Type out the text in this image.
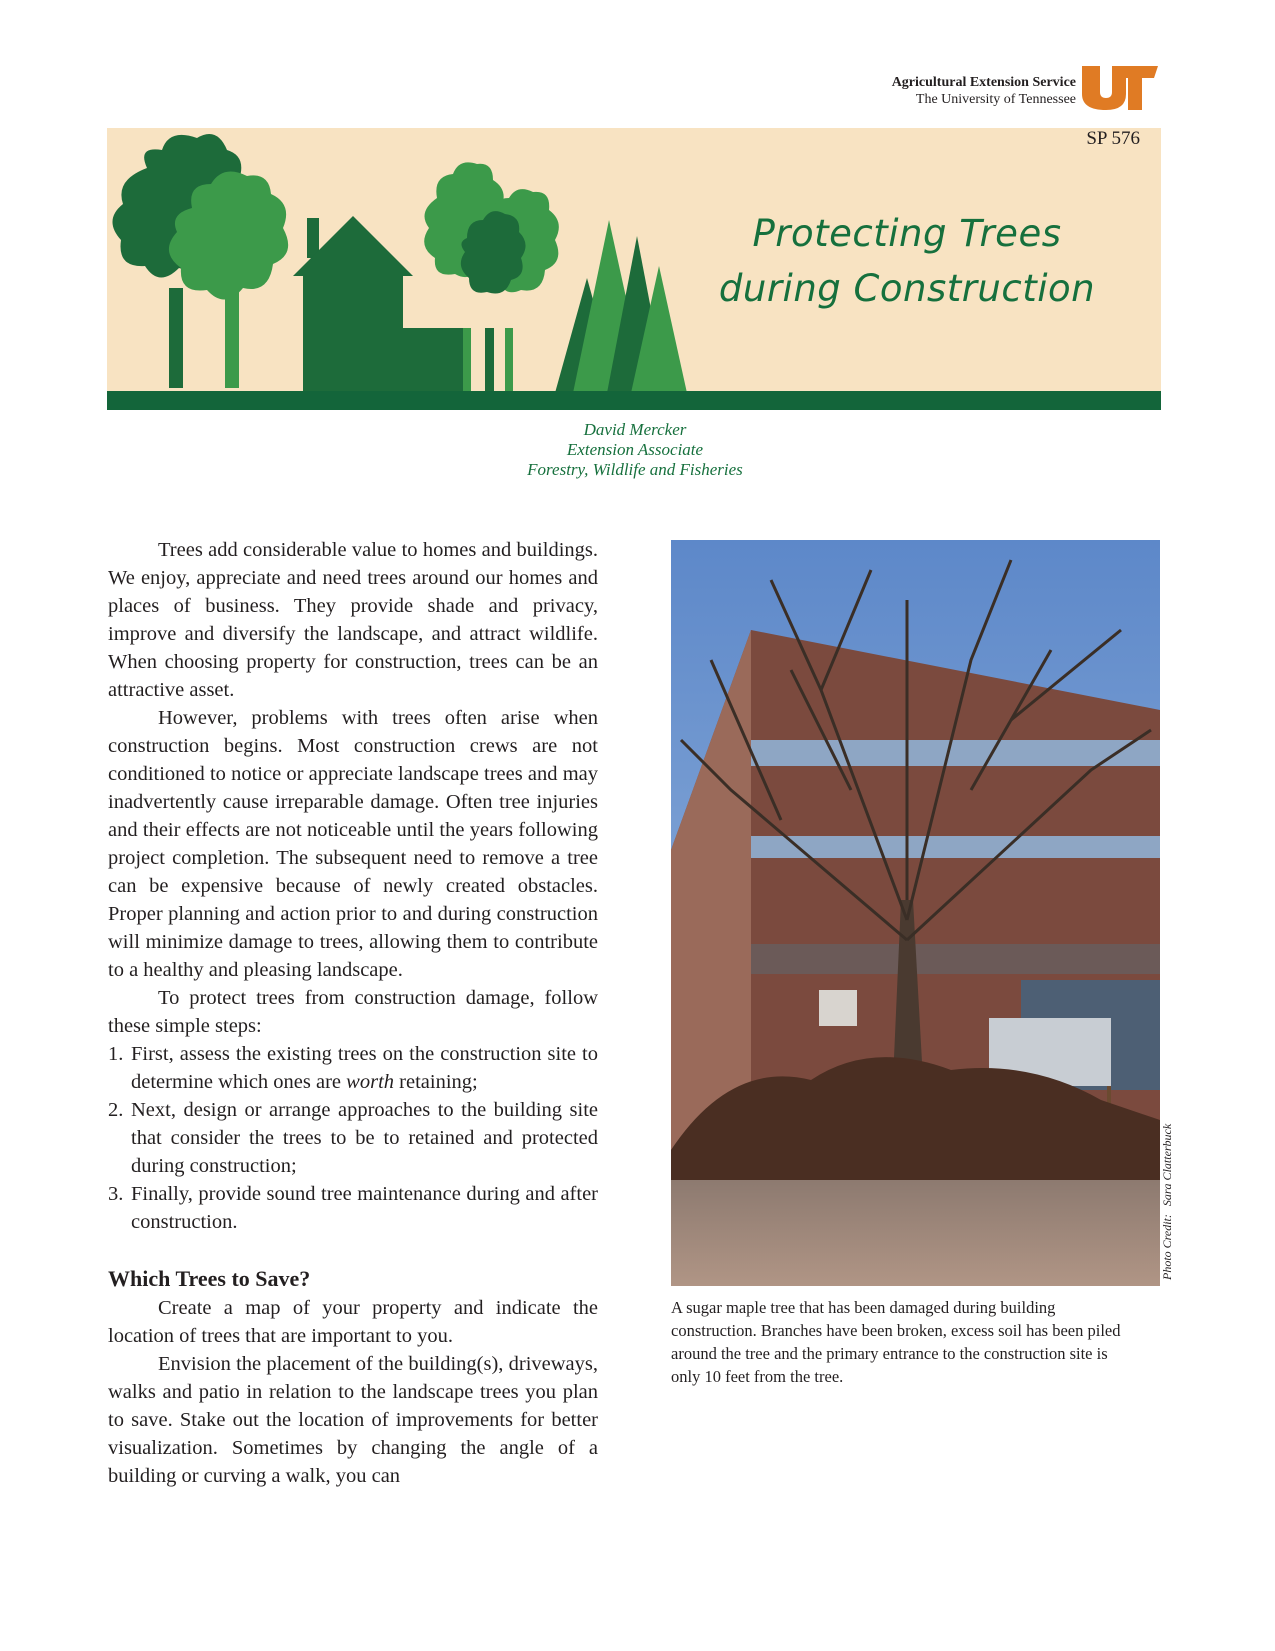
Agricultural Extension Service
The University of Tennessee
SP 576
Protecting Trees
during Construction
David Mercker
Extension Associate
Forestry, Wildlife and Fisheries

Trees add considerable value to homes and buildings. We enjoy, appreciate and need trees around our homes and places of business. They provide shade and privacy, improve and diversify the landscape, and attract wildlife. When choosing property for construction, trees can be an attractive asset.

However, problems with trees often arise when construction begins. Most construction crews are not conditioned to notice or appreciate landscape trees and may inadvertently cause irreparable damage. Often tree injuries and their effects are not noticeable until the years following project completion. The subsequent need to remove a tree can be expensive because of newly created obstacles. Proper planning and action prior to and during construction will minimize damage to trees, allowing them to contribute to a healthy and pleasing landscape.

To protect trees from construction damage, follow these simple steps:

1. First, assess the existing trees on the construction site to determine which ones are worth retaining;
2. Next, design or arrange approaches to the building site that consider the trees to be to retained and protected during construction;
3. Finally, provide sound tree maintenance during and after construction.
Which Trees to Save?

Create a map of your property and indicate the location of trees that are important to you.

Envision the placement of the building(s), driveways, walks and patio in relation to the landscape trees you plan to save. Stake out the location of improvements for better visualization. Sometimes by changing the angle of a building or curving a walk, you can

Photo Credit:Sara Clatterbuck
A sugar maple tree that has been damaged during building construction. Branches have been broken, excess soil has been piled around the tree and the primary entrance to the construction site is only 10 feet from the tree.
